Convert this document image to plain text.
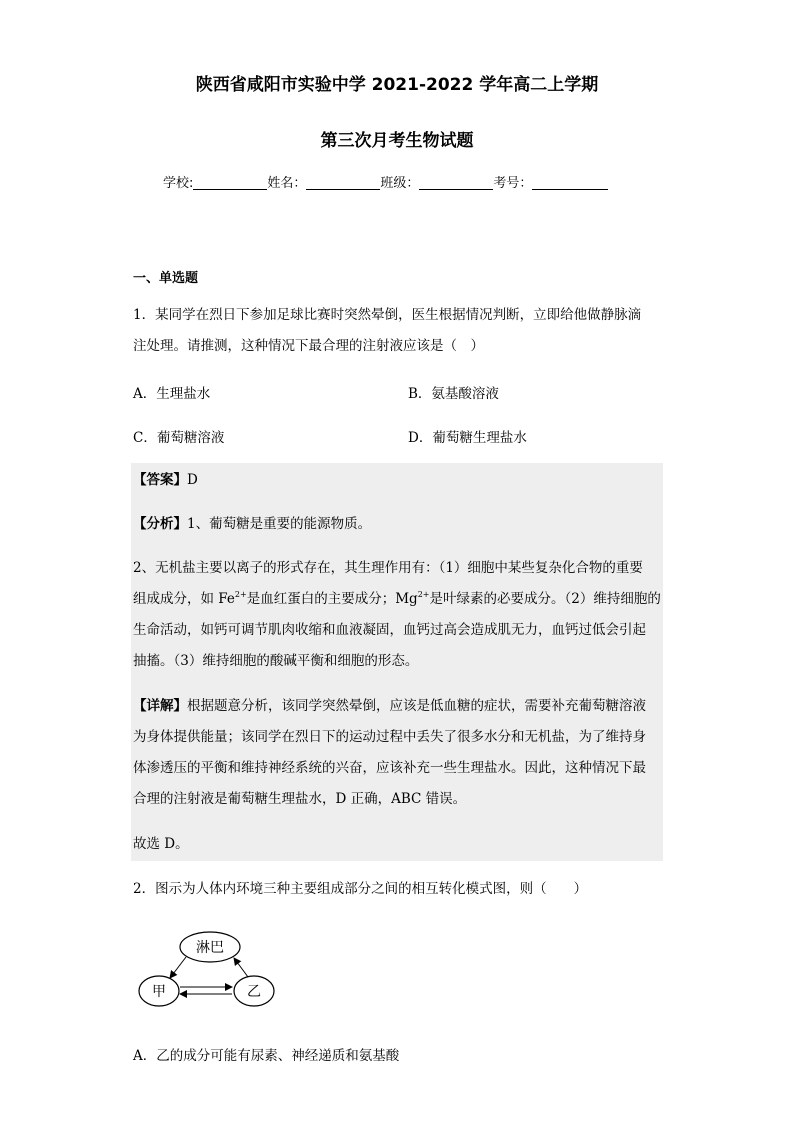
陕西省咸阳市实验中学 2021-2022 学年高二上学期
第三次月考生物试题
学校:	姓名：	班级：	考号：
一、单选题
1．某同学在烈日下参加足球比赛时突然晕倒，医生根据情况判断，立即给他做静脉滴
注处理。请推测，这种情况下最合理的注射液应该是（　）
A．生理盐水	B．氨基酸溶液
C．葡萄糖溶液	D．葡萄糖生理盐水
【答案】D
【分析】1、葡萄糖是重要的能源物质。
2、无机盐主要以离子的形式存在，其生理作用有：（1）细胞中某些复杂化合物的重要
组成成分，如 $Fe^{2+}$是血红蛋白的主要成分；$Mg^{2+}$是叶绿素的必要成分。（2）维持细胞的
生命活动，如钙可调节肌肉收缩和血液凝固，血钙过高会造成肌无力，血钙过低会引起
抽搐。（3）维持细胞的酸碱平衡和细胞的形态。
【详解】根据题意分析，该同学突然晕倒，应该是低血糖的症状，需要补充葡萄糖溶液
为身体提供能量；该同学在烈日下的运动过程中丢失了很多水分和无机盐，为了维持身
体渗透压的平衡和维持神经系统的兴奋，应该补充一些生理盐水。因此，这种情况下最
合理的注射液是葡萄糖生理盐水，D 正确，ABC 错误。
故选 D。
2．图示为人体内环境三种主要组成部分之间的相互转化模式图，则（　　）
淋巴
甲	乙
A．乙的成分可能有尿素、神经递质和氨基酸
